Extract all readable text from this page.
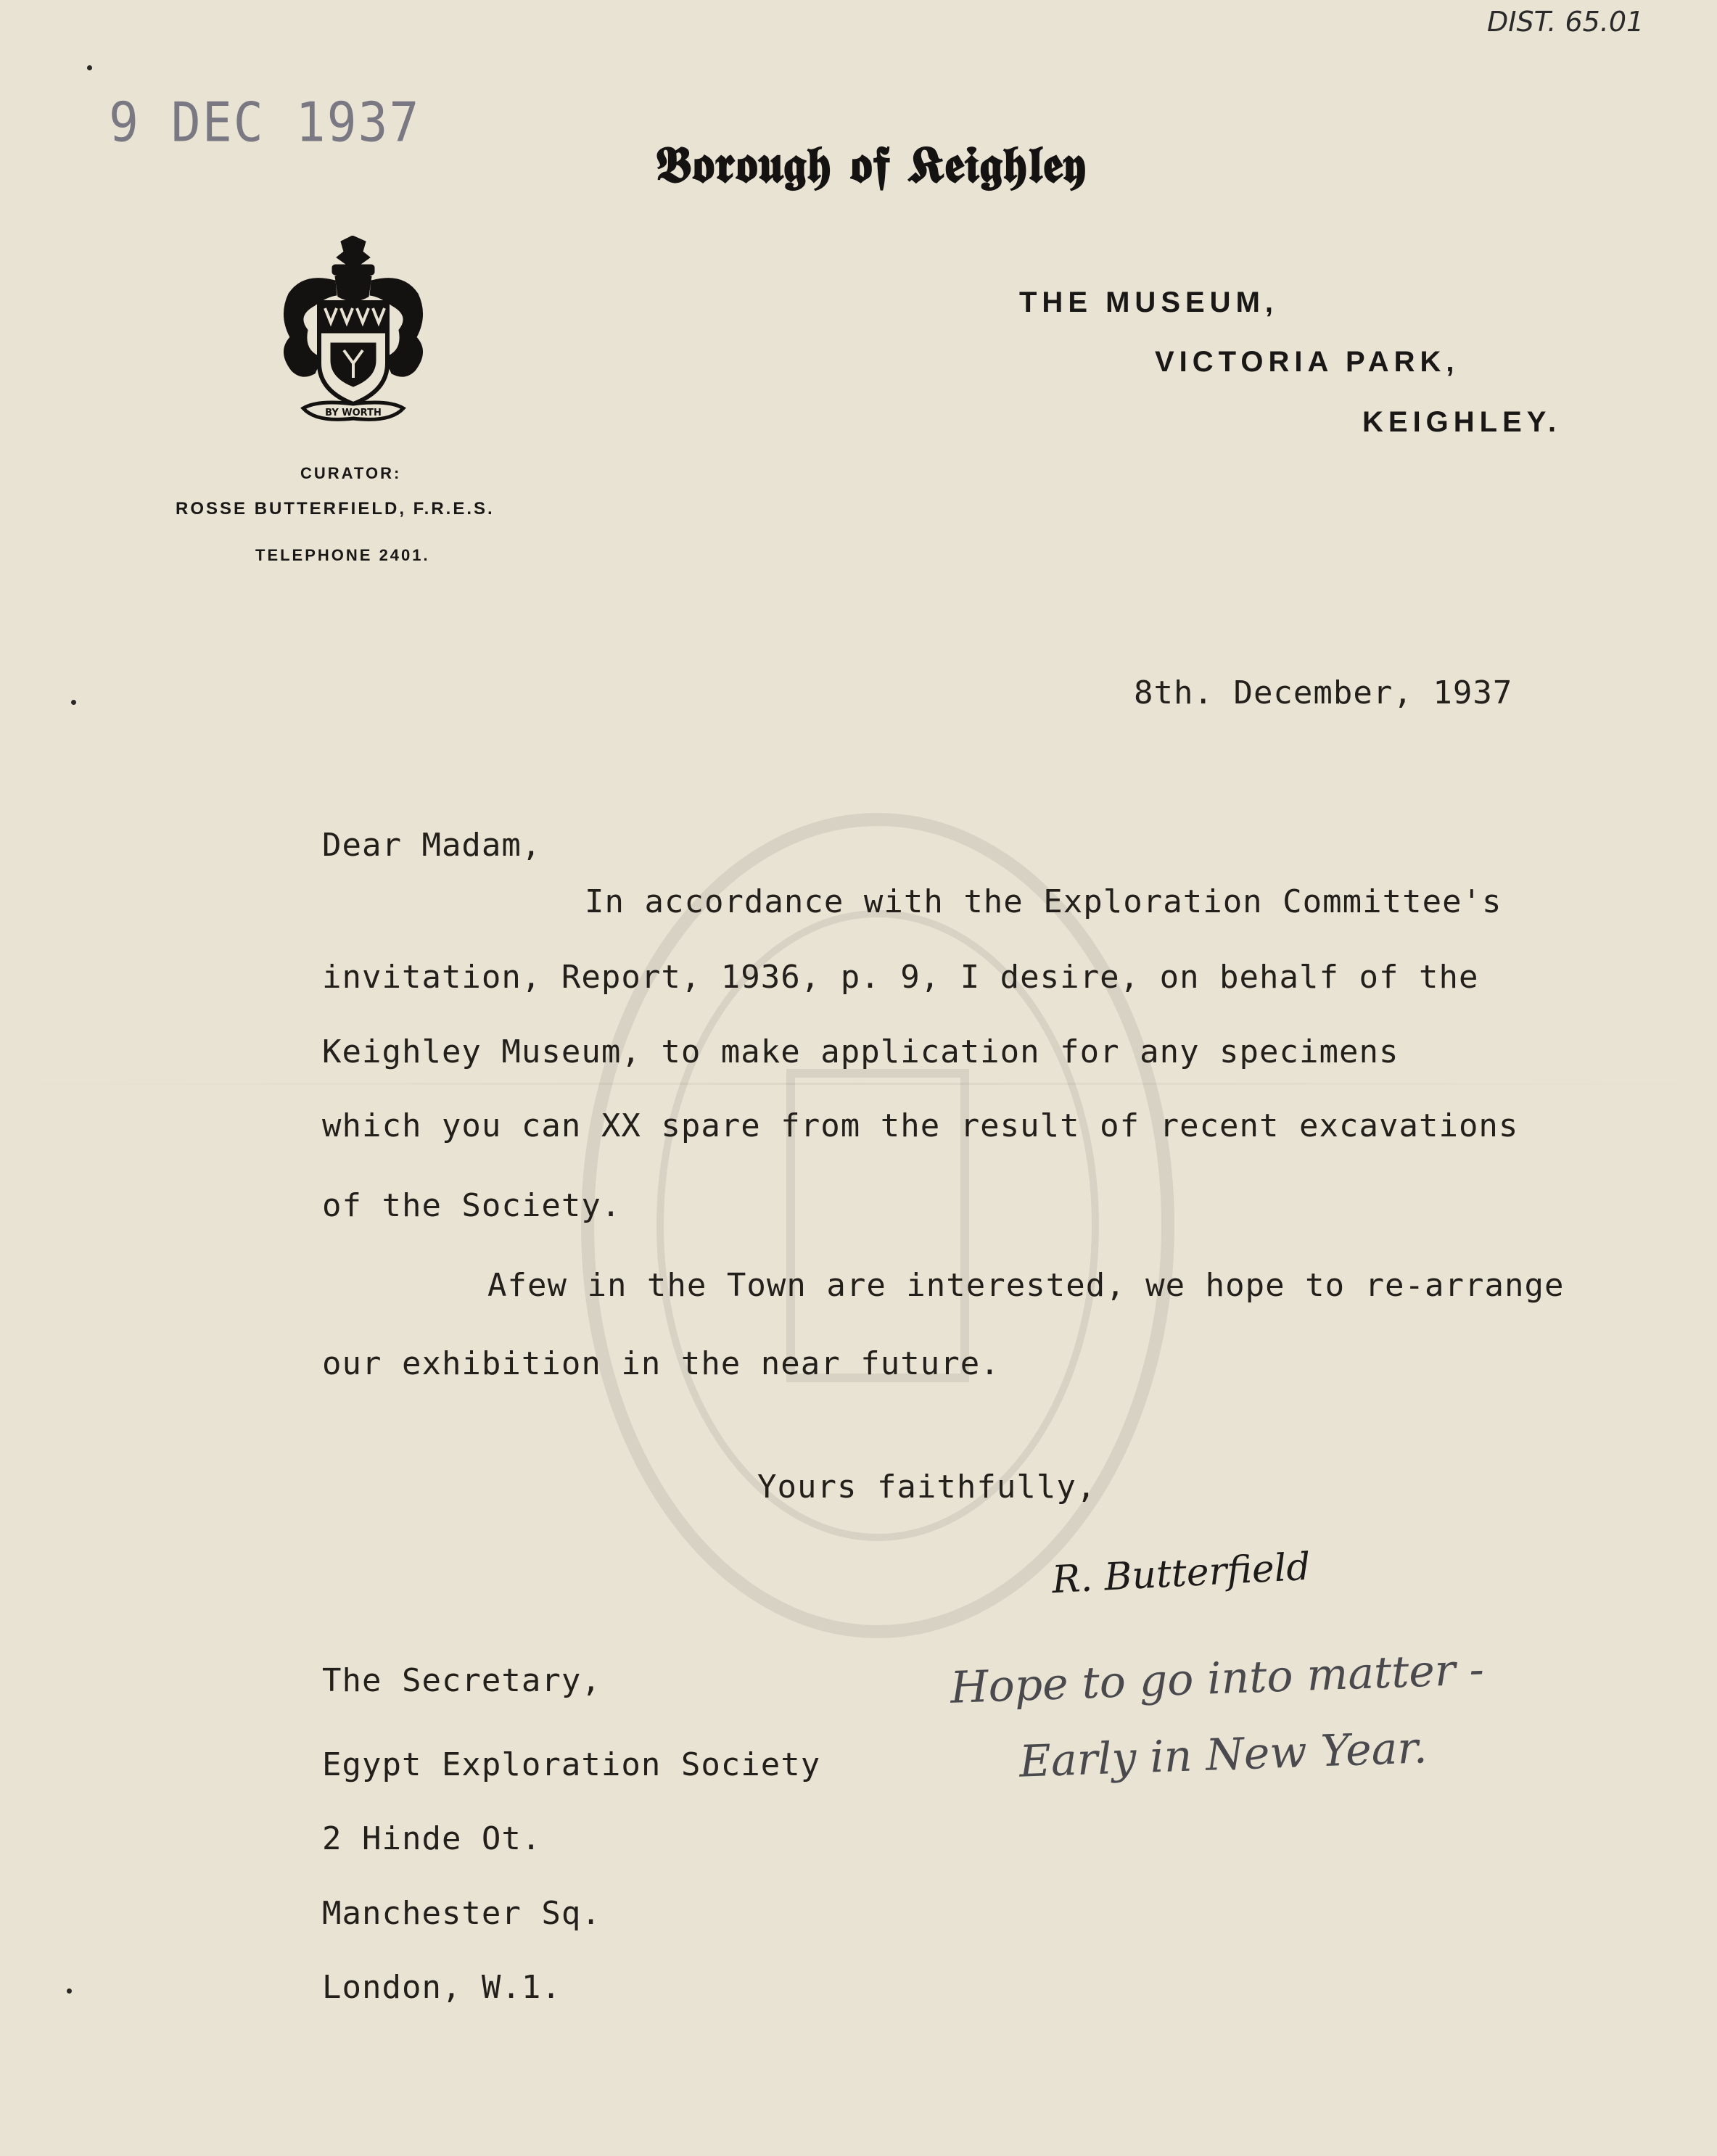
DIST. 65.01
9 DEC 1937
𝕭𝖔𝖗𝖔𝖚𝖌𝖍 𝖔𝖋 𝕶𝖊𝖎𝖌𝖍𝖑𝖊𝖞
BY WORTH
CURATOR:
ROSSE BUTTERFIELD, F.R.E.S.
TELEPHONE 2401.
THE MUSEUM,
VICTORIA PARK,
KEIGHLEY.
8th. December, 1937
Dear Madam,
In accordance with the Exploration Committee's
invitation, Report, 1936, p. 9, I desire, on behalf of the
Keighley Museum, to make application for any specimens
which you can XX spare from the result of recent excavations
of the Society.
Afew in the Town are interested, we hope to re-arrange
our exhibition in the near future.
Yours faithfully,
R. Butterfield
Hope to go into matter -
Early in New Year.
The Secretary,
Egypt Exploration Society
2 Hinde Ot.
Manchester Sq.
London, W.1.
